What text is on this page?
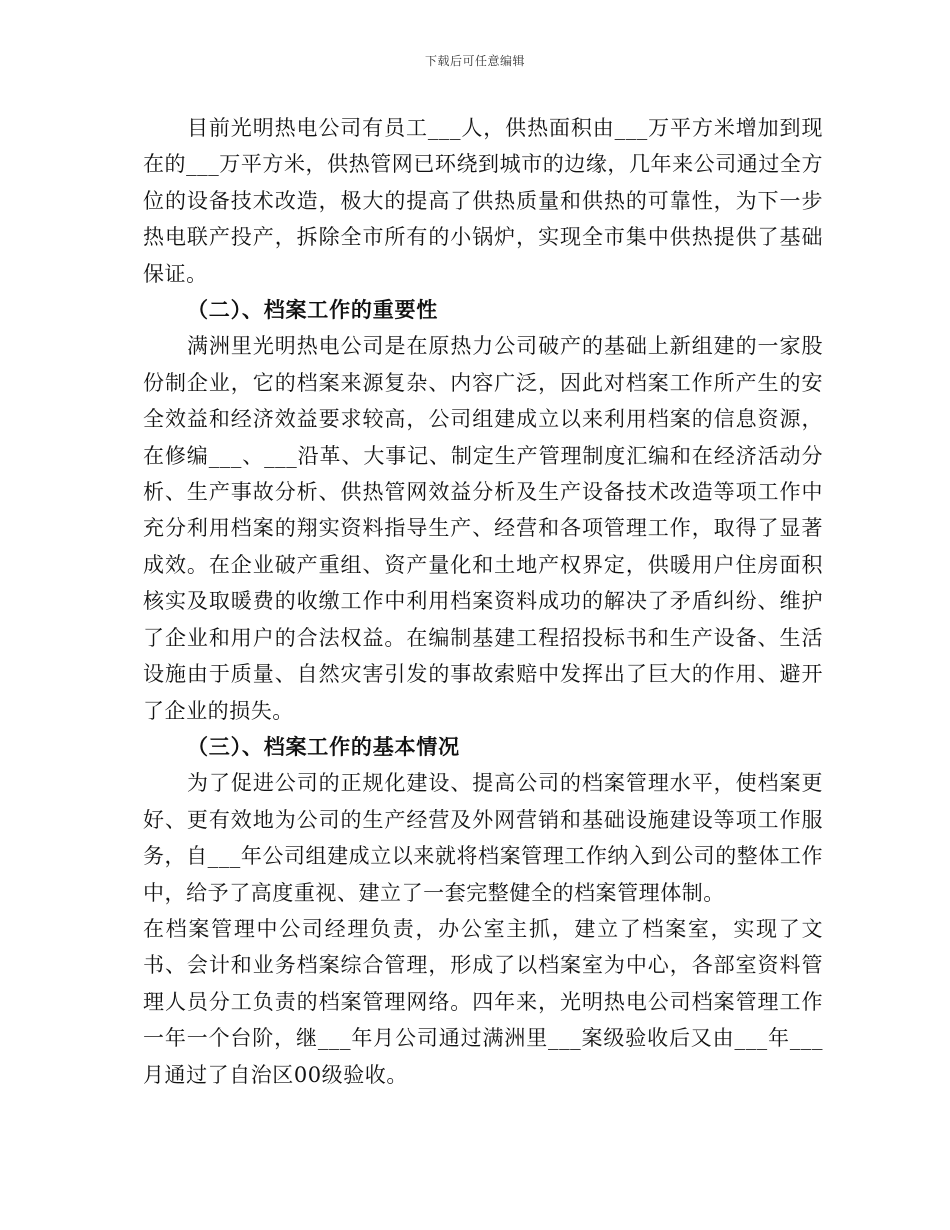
下载后可任意编辑

目前光明热电公司有员工___人，供热面积由___万平方米增加到现在的___万平方米，供热管网已环绕到城市的边缘，几年来公司通过全方位的设备技术改造，极大的提高了供热质量和供热的可靠性，为下一步热电联产投产，拆除全市所有的小锅炉，实现全市集中供热提供了基础保证。

（二）、档案工作的重要性

满洲里光明热电公司是在原热力公司破产的基础上新组建的一家股份制企业，它的档案来源复杂、内容广泛，因此对档案工作所产生的安全效益和经济效益要求较高，公司组建成立以来利用档案的信息资源，在修编___、___沿革、大事记、制定生产管理制度汇编和在经济活动分析、生产事故分析、供热管网效益分析及生产设备技术改造等项工作中充分利用档案的翔实资料指导生产、经营和各项管理工作，取得了显著成效。在企业破产重组、资产量化和土地产权界定，供暖用户住房面积核实及取暖费的收缴工作中利用档案资料成功的解决了矛盾纠纷、维护了企业和用户的合法权益。在编制基建工程招投标书和生产设备、生活设施由于质量、自然灾害引发的事故索赔中发挥出了巨大的作用、避开了企业的损失。

（三）、档案工作的基本情况

为了促进公司的正规化建设、提高公司的档案管理水平，使档案更好、更有效地为公司的生产经营及外网营销和基础设施建设等项工作服务，自___年公司组建成立以来就将档案管理工作纳入到公司的整体工作中，给予了高度重视、建立了一套完整健全的档案管理体制。

在档案管理中公司经理负责，办公室主抓，建立了档案室，实现了文书、会计和业务档案综合管理，形成了以档案室为中心，各部室资料管理人员分工负责的档案管理网络。四年来，光明热电公司档案管理工作一年一个台阶，继___年月公司通过满洲里___案级验收后又由___年___月通过了自治区00级验收。
